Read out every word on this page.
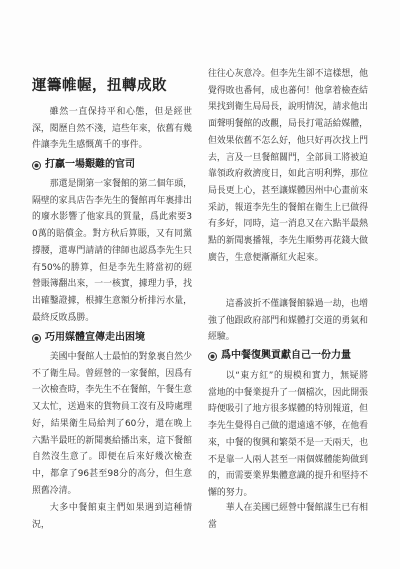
運籌帷幄，扭轉成敗

雖然一直保持平和心態，但是經世深，閱歷自然不淺，這些年來，依舊有幾件讓李先生感慨萬千的事件。

打贏一場艱難的官司

那還是開第一家餐館的第二個年頭，隔壁的家具店告李先生的餐館再年裏排出的廢水影響了他家具的質量，爲此索要30萬的賠償金。對方秋后算賬，又有同黨撐腰，還專門請請的律師也認爲李先生只有50%的勝算，但是李先生將當初的經營賬簿翻出來，一一核實，據理力爭，找出確鑿證據，根據生意額分析排污水量，最終反敗爲勝。

巧用媒體宣傳走出困境

美國中餐館人士最怕的對象裏自然少不了衛生局。曾經營的一家餐館，因爲有一次檢查時，李先生不在餐館，午餐生意又太忙，送過來的貨物員工沒有及時處理好，結果衛生局給判了60分，還在晚上六點半最旺的新聞裏給播出來，這下餐館自然沒生意了。即便在后來好幾次檢查中，都拿了96甚至98分的高分，但生意照舊冷清。

大多中餐館東主們如果遇到這種情況，

往往心灰意冷。但李先生卻不這樣想，他覺得敗也番何，成也蕃何！他拿着檢查結果找到衛生局局長，說明情況，請求他出面聲明餐館的改觀，局長打電話給媒體，但效果依舊不怎么好，他只好再次找上門去，言及一旦餐館關門，全部員工將被迫靠領政府救濟度日，如此言明利弊，那位局長更上心，甚至讓媒體因州中心畫前來采訪，報道李先生的餐館在衛生上已做得有多好，同時，這一消息又在六點半最熱點的新聞裏播報，李先生順勢再花錢大做廣告，生意便漸漸紅火起來。

這番波折不僅讓餐館躲過一劫，也增強了他跟政府部門和媒體打交道的勇氣和經驗。

爲中餐復興貢獻自己一份力量

以“東方紅”的規模和實力，無疑將當地的中餐業提升了一個檔次，因此開張時便吸引了地方很多媒體的特別報道，但李先生覺得自己做的還遠遠不够，在他看來，中餐的復興和繁榮不是一天兩天，也不是靠一人兩人甚至一兩個媒體能夠做到的，而需要業界集體意識的提升和堅持不懈的努力。

華人在美國已經營中餐館謀生已有相當
